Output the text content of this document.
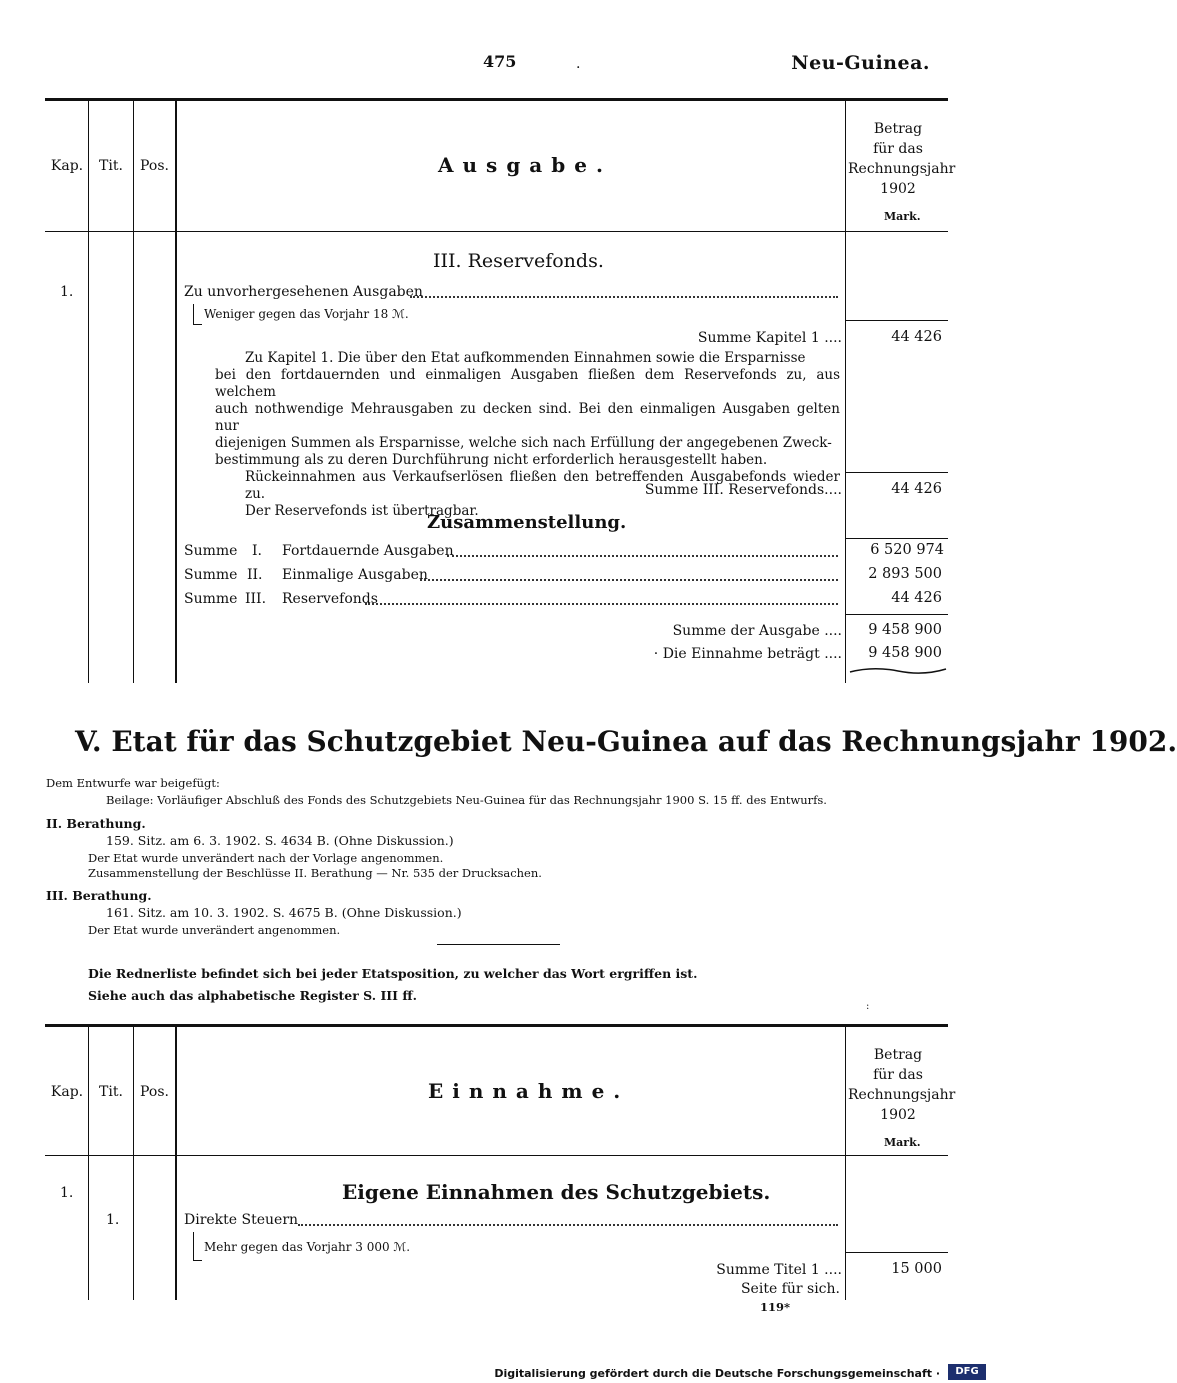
475	.	Neu-Guinea.
Kap.	Tit.	Pos.	Ausgabe.
Betrag
für das
Rechnungsjahr
1902
Mark.
III. Reservefonds.
1.	Zu unvorhergesehenen Ausgaben
Weniger gegen das Vorjahr 18 ℳ.
Summe Kapitel 1 ....	44 426
Zu Kapitel 1. Die über den Etat aufkommenden Einnahmen sowie die Ersparnisse
bei den fortdauernden und einmaligen Ausgaben fließen dem Reservefonds zu, aus welchem
auch nothwendige Mehrausgaben zu decken sind. Bei den einmaligen Ausgaben gelten nur
diejenigen Summen als Ersparnisse, welche sich nach Erfüllung der angegebenen Zweck-
bestimmung als zu deren Durchführung nicht erforderlich herausgestellt haben.
Rückeinnahmen aus Verkaufserlösen fließen den betreffenden Ausgabefonds wieder zu.
Der Reservefonds ist übertragbar.
Summe III. Reservefonds....	44 426
Zusammenstellung.
Summe I. Fortdauernde Ausgaben	6 520 974
Summe II. Einmalige Ausgaben	2 893 500
Summe III. Reservefonds	44 426
Summe der Ausgabe .... 9 458 900
· Die Einnahme beträgt .... 9 458 900
V. Etat für das Schutzgebiet Neu-Guinea auf das Rechnungsjahr 1902.
Dem Entwurfe war beigefügt:
Beilage: Vorläufiger Abschluß des Fonds des Schutzgebiets Neu-Guinea für das Rechnungsjahr 1900 S. 15 ff. des Entwurfs.
II. Berathung.
159. Sitz. am 6. 3. 1902. S. 4634 B. (Ohne Diskussion.)
Der Etat wurde unverändert nach der Vorlage angenommen.
Zusammenstellung der Beschlüsse II. Berathung — Nr. 535 der Drucksachen.
III. Berathung.
161. Sitz. am 10. 3. 1902. S. 4675 B. (Ohne Diskussion.)
Der Etat wurde unverändert angenommen.
Die Rednerliste befindet sich bei jeder Etatsposition, zu welcher das Wort ergriffen ist.
Siehe auch das alphabetische Register S. III ff.
:
Kap.	Tit.	Pos.	Einnahme.
Betrag
für das
Rechnungsjahr
1902
Mark.
Eigene Einnahmen des Schutzgebiets.
1.
1.	Direkte Steuern
Mehr gegen das Vorjahr 3 000 ℳ.
Summe Titel 1 ....	15 000
Seite für sich.
119*
Digitalisierung gefördert durch die Deutsche Forschungsgemeinschaft ·	DFG
